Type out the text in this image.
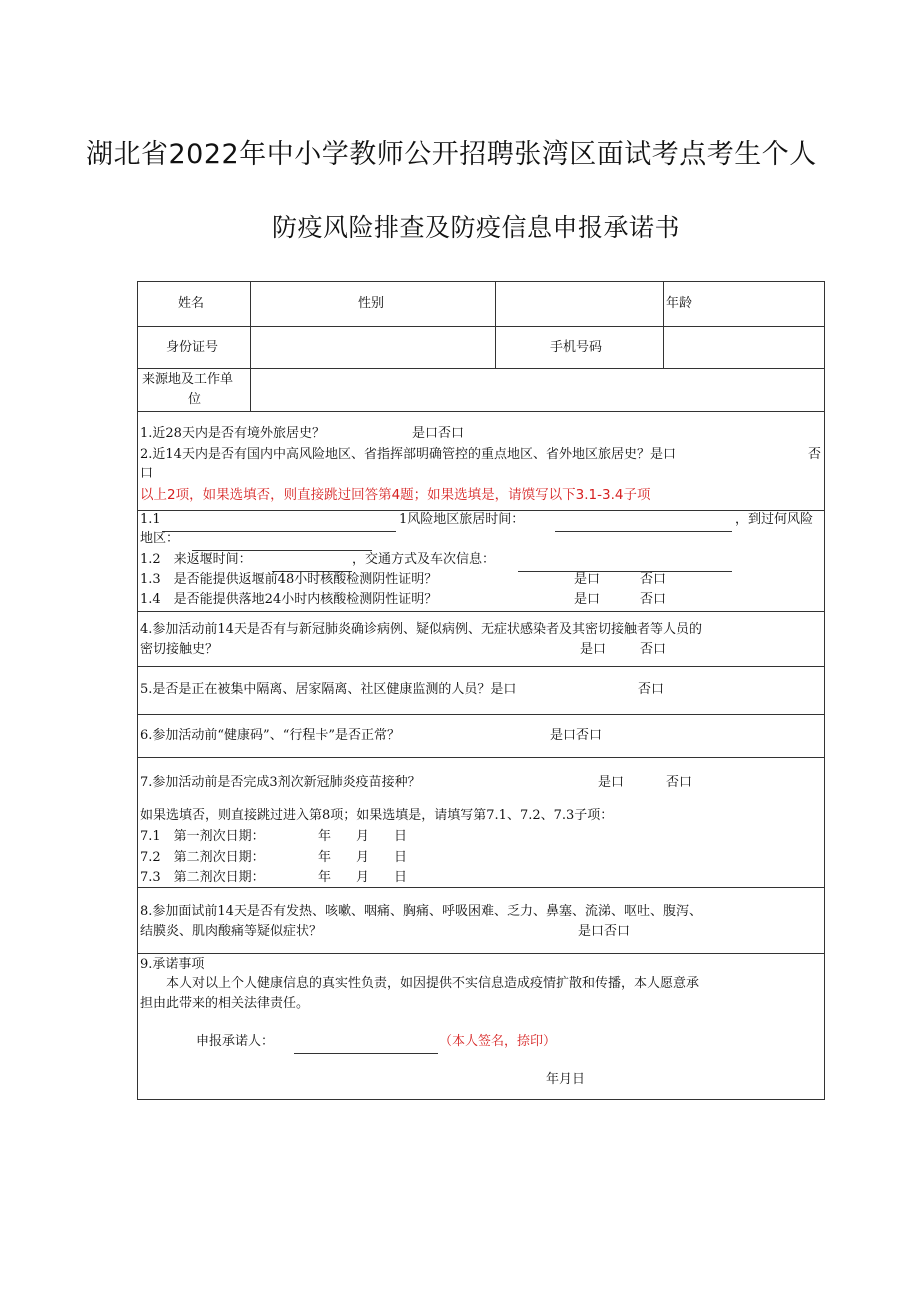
湖北省2022年中小学教师公开招聘张湾区面试考点考生个人
防疫风险排查及防疫信息申报承诺书
姓名	性别	年龄
身份证号	手机号码
来源地及工作单
位
1.近28天内是否有境外旅居史？	是口否口
2.近14天内是否有国内中高风险地区、省指挥部明确管控的重点地区、省外地区旅居史？是口	否
口
以上2项，如果选填否，则直接跳过回答第4题；如果选填是，请馍写以下3.1-3.4子项
1.1	1风险地区旅居时间：	，到过何风险
地区：
1.2　来返堰时间：	，交通方式及车次信息：
1.3　是否能提供返堰前48小时核酸检测阴性证明？	是口	否口
1.4　是否能提供落地24小时内核酸检测阴性证明？	是口	否口
4.参加活动前14天是否有与新冠肺炎确诊病例、疑似病例、无症状感染者及其密切接触者等人员的
密切接触史？	是口	否口
5.是否是正在被集中隔离、居家隔离、社区健康监测的人员？是口	否口
6.参加活动前“健康码”、“行程卡”是否正常？	是口否口
7.参加活动前是否完成3剂次新冠肺炎疫苗接种？	是口	否口
如果选填否，则直接跳过进入第8项；如果选填是，请填写第7.1、7.2、7.3子项：
7.1　第一剂次日期：	年 月 日
7.2　第二剂次日期：	年 月 日
7.3　第二剂次日期：	年 月 日
8.参加面试前14天是否有发热、咳嗽、咽痛、胸痛、呼吸困难、乏力、鼻塞、流涕、呕吐、腹泻、
结膜炎、肌肉酸痛等疑似症状？	是口否口
9.承诺事项
本人对以上个人健康信息的真实性负责，如因提供不实信息造成疫情扩散和传播，本人愿意承
担由此带来的相关法律责任。
申报承诺人：	（本人签名，捺印）
年月日
